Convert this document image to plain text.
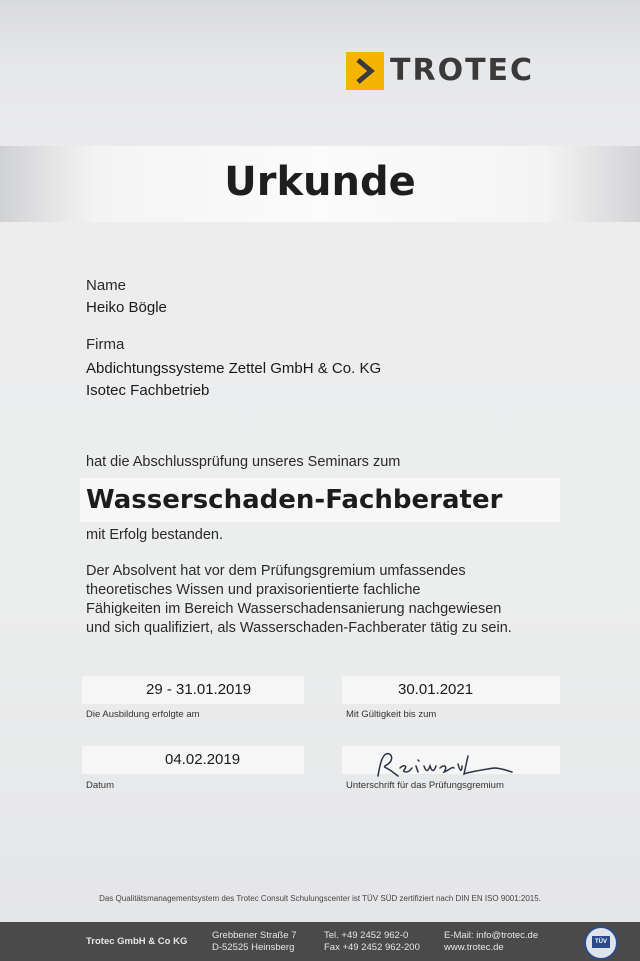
TROTEC
Urkunde
Name
Heiko Bögle
Firma
Abdichtungssysteme Zettel GmbH & Co. KG
Isotec Fachbetrieb
hat die Abschlussprüfung unseres Seminars zum
Wasserschaden-Fachberater
mit Erfolg bestanden.
Der Absolvent hat vor dem Prüfungsgremium umfassendes
theoretisches Wissen und praxisorientierte fachliche
Fähigkeiten im Bereich Wasserschadensanierung nachgewiesen
und sich qualifiziert, als Wasserschaden-Fachberater tätig zu sein.
29 - 31.01.2019
Die Ausbildung erfolgte am
30.01.2021
Mit Gültigkeit bis zum
04.02.2019
Datum	Unterschrift für das Prüfungsgremium
Das Qualitätsmanagementsystem des Trotec Consult Schulungscenter ist TÜV SÜD zertifiziert nach DIN EN ISO 9001:2015.
Trotec GmbH & Co KG
Grebbener Straße 7
D-52525 Heinsberg
Tel. +49 2452 962-0
Fax +49 2452 962-200
E-Mail: info@trotec.de
www.trotec.de	TÜV
